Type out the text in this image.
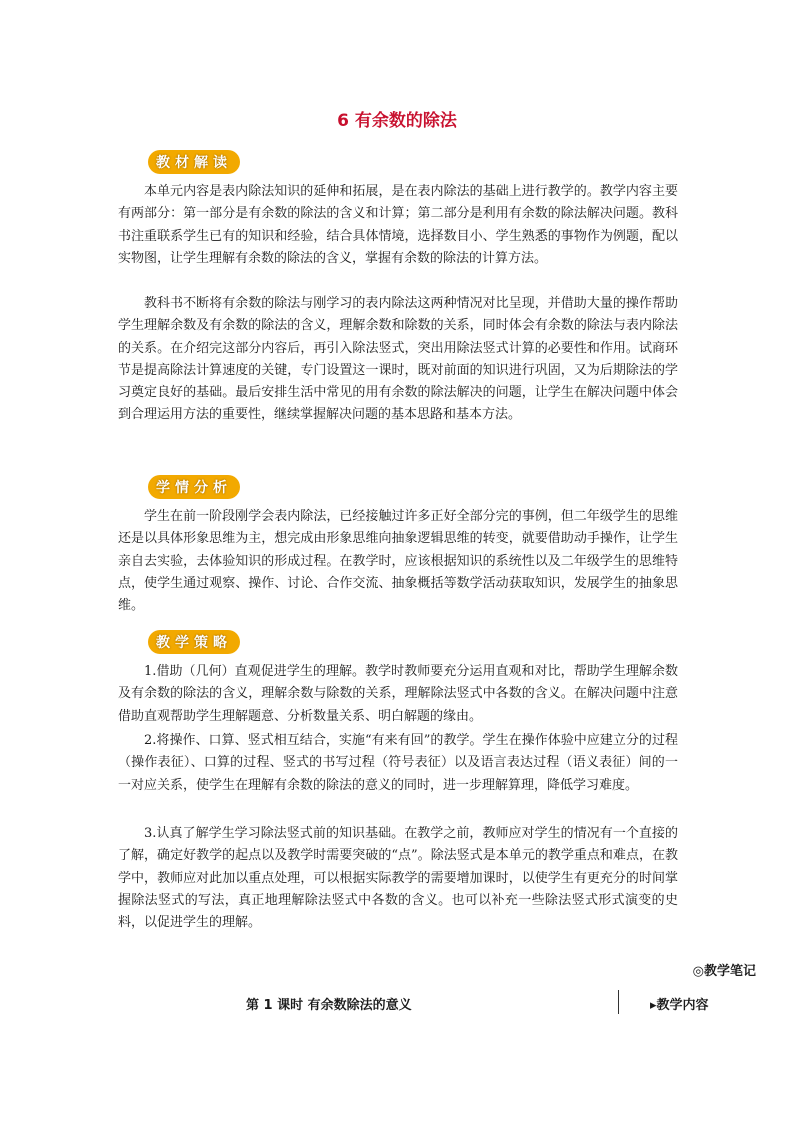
6 有余数的除法
教材解读

本单元内容是表内除法知识的延伸和拓展，是在表内除法的基础上进行教学的。教学内容主要有两部分：第一部分是有余数的除法的含义和计算；第二部分是利用有余数的除法解决问题。教科书注重联系学生已有的知识和经验，结合具体情境，选择数目小、学生熟悉的事物作为例题，配以实物图，让学生理解有余数的除法的含义，掌握有余数的除法的计算方法。

教科书不断将有余数的除法与刚学习的表内除法这两种情况对比呈现，并借助大量的操作帮助学生理解余数及有余数的除法的含义，理解余数和除数的关系，同时体会有余数的除法与表内除法的关系。在介绍完这部分内容后，再引入除法竖式，突出用除法竖式计算的必要性和作用。试商环节是提高除法计算速度的关键，专门设置这一课时，既对前面的知识进行巩固，又为后期除法的学习奠定良好的基础。最后安排生活中常见的用有余数的除法解决的问题，让学生在解决问题中体会到合理运用方法的重要性，继续掌握解决问题的基本思路和基本方法。

学情分析

学生在前一阶段刚学会表内除法，已经接触过许多正好全部分完的事例，但二年级学生的思维还是以具体形象思维为主，想完成由形象思维向抽象逻辑思维的转变，就要借助动手操作，让学生亲自去实验，去体验知识的形成过程。在教学时，应该根据知识的系统性以及二年级学生的思维特点，使学生通过观察、操作、讨论、合作交流、抽象概括等数学活动获取知识，发展学生的抽象思维。

教学策略

1.借助（几何）直观促进学生的理解。教学时教师要充分运用直观和对比，帮助学生理解余数及有余数的除法的含义，理解余数与除数的关系，理解除法竖式中各数的含义。在解决问题中注意借助直观帮助学生理解题意、分析数量关系、明白解题的缘由。

2.将操作、口算、竖式相互结合，实施“有来有回”的教学。学生在操作体验中应建立分的过程（操作表征）、口算的过程、竖式的书写过程（符号表征）以及语言表达过程（语义表征）间的一一对应关系，使学生在理解有余数的除法的意义的同时，进一步理解算理，降低学习难度。

3.认真了解学生学习除法竖式前的知识基础。在教学之前，教师应对学生的情况有一个直接的了解，确定好教学的起点以及教学时需要突破的“点”。除法竖式是本单元的教学重点和难点，在教学中，教师应对此加以重点处理，可以根据实际教学的需要增加课时，以使学生有更充分的时间掌握除法竖式的写法，真正地理解除法竖式中各数的含义。也可以补充一些除法竖式形式演变的史料，以促进学生的理解。

◎教学笔记
第 1 课时 有余数除法的意义	▸教学内容
